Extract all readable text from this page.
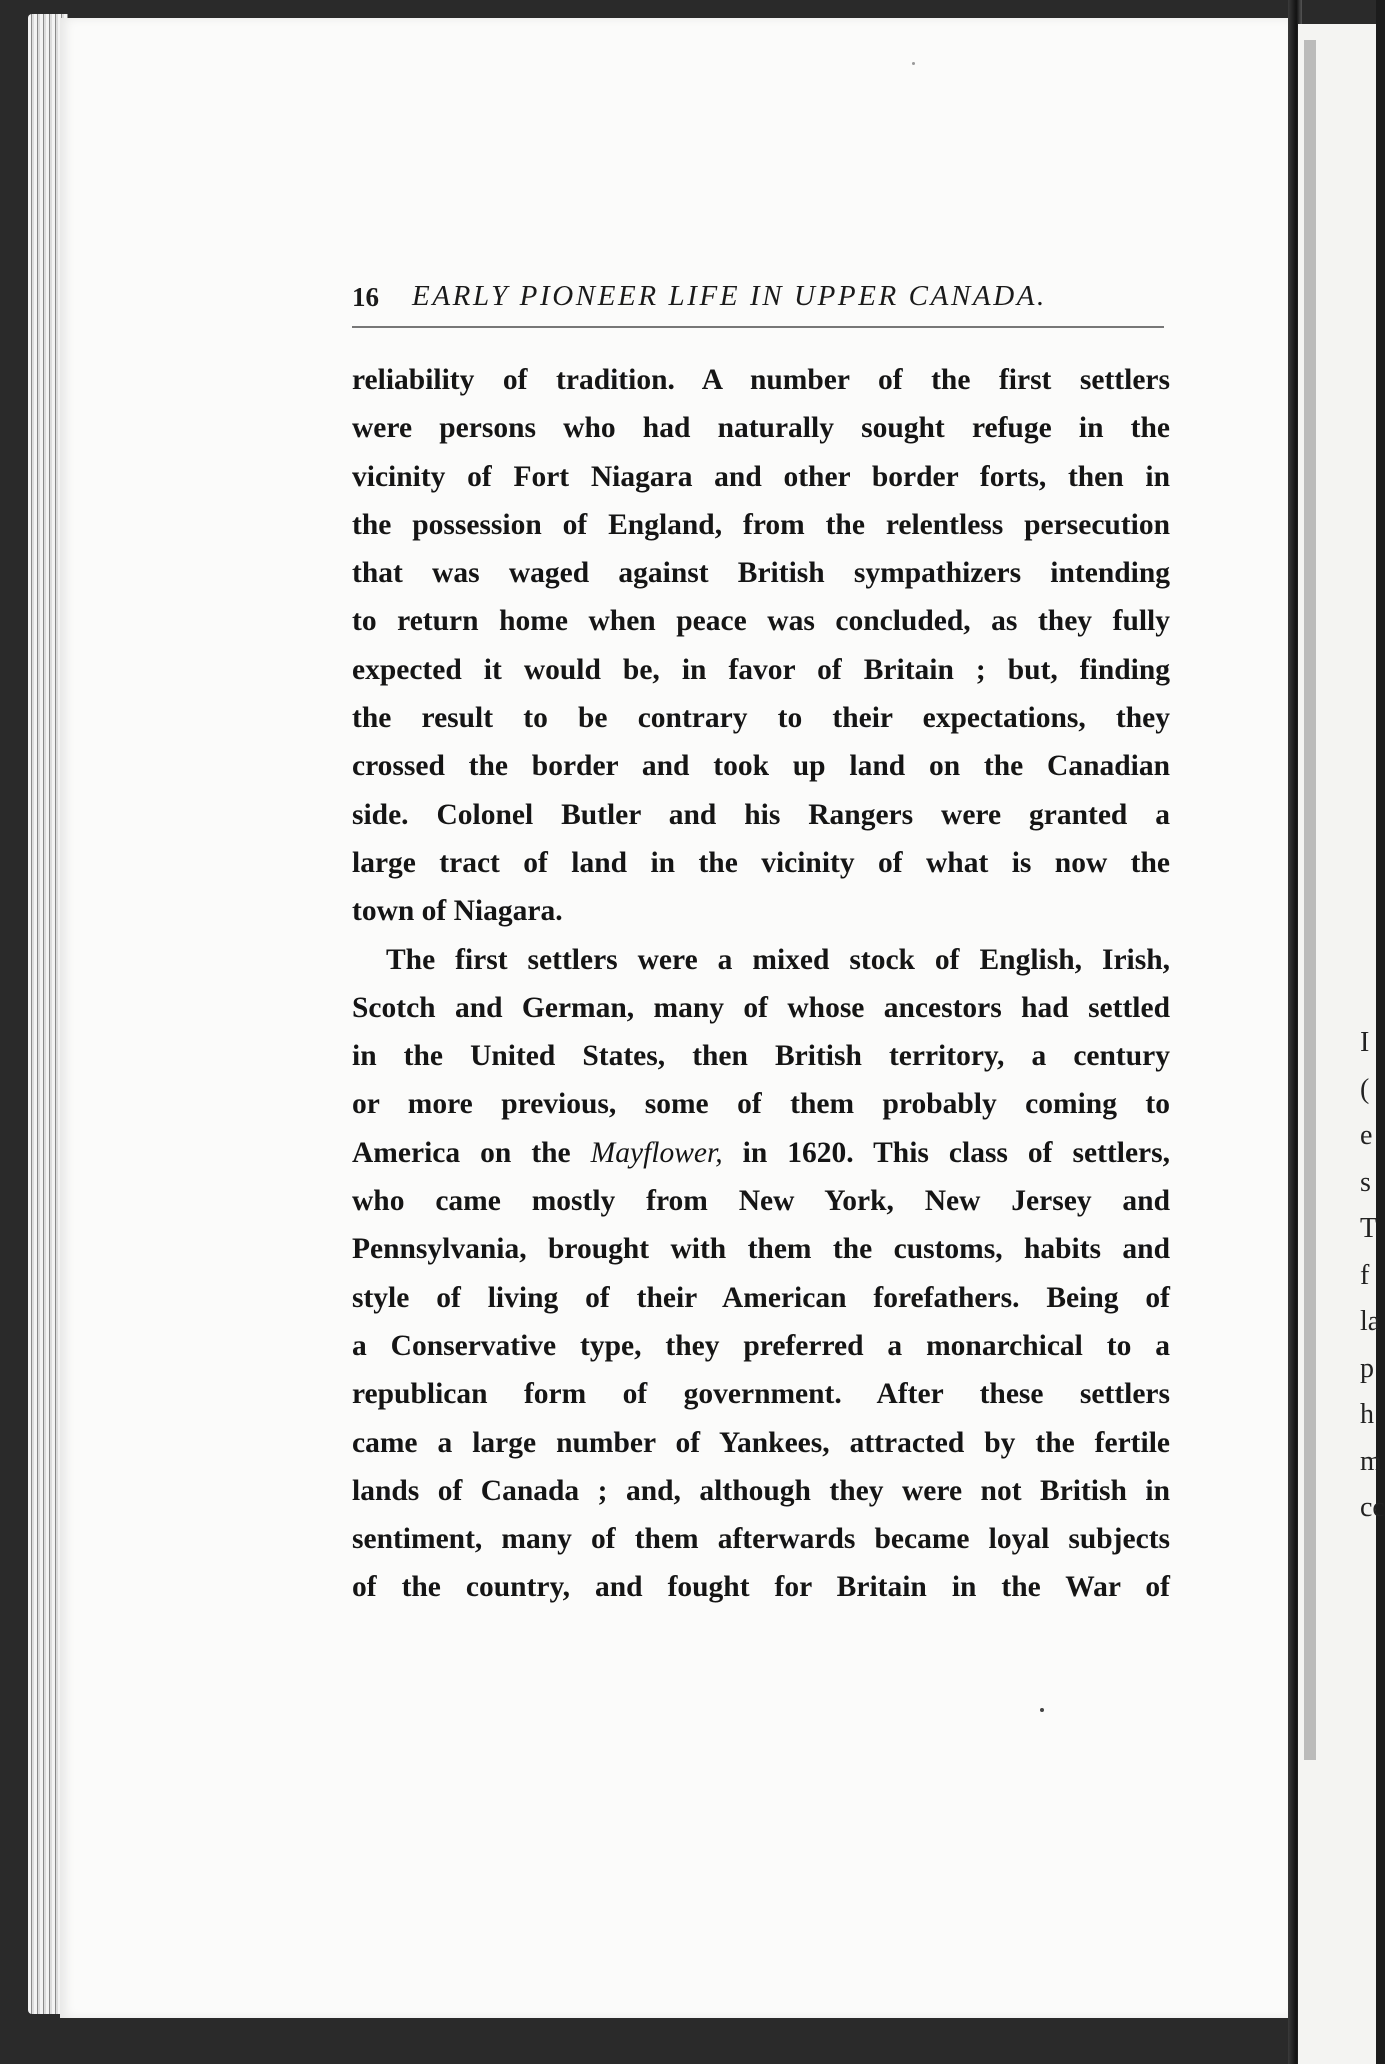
I
(
e
s
T
f
la
p
h
m
cc
16 EARLY PIONEER LIFE IN UPPER CANADA.
reliability of tradition. A number of the first settlers
were persons who had naturally sought refuge in the
vicinity of Fort Niagara and other border forts, then in
the possession of England, from the relentless persecution
that was waged against British sympathizers intending
to return home when peace was concluded, as they fully
expected it would be, in favor of Britain ; but, finding
the result to be contrary to their expectations, they
crossed the border and took up land on the Canadian
side. Colonel Butler and his Rangers were granted a
large tract of land in the vicinity of what is now the
town of Niagara.
The first settlers were a mixed stock of English, Irish,
Scotch and German, many of whose ancestors had settled
in the United States, then British territory, a century
or more previous, some of them probably coming to
America on the Mayflower, in 1620. This class of settlers,
who came mostly from New York, New Jersey and
Pennsylvania, brought with them the customs, habits and
style of living of their American forefathers. Being of
a Conservative type, they preferred a monarchical to a
republican form of government. After these settlers
came a large number of Yankees, attracted by the fertile
lands of Canada ; and, although they were not British in
sentiment, many of them afterwards became loyal subjects
of the country, and fought for Britain in the War of
